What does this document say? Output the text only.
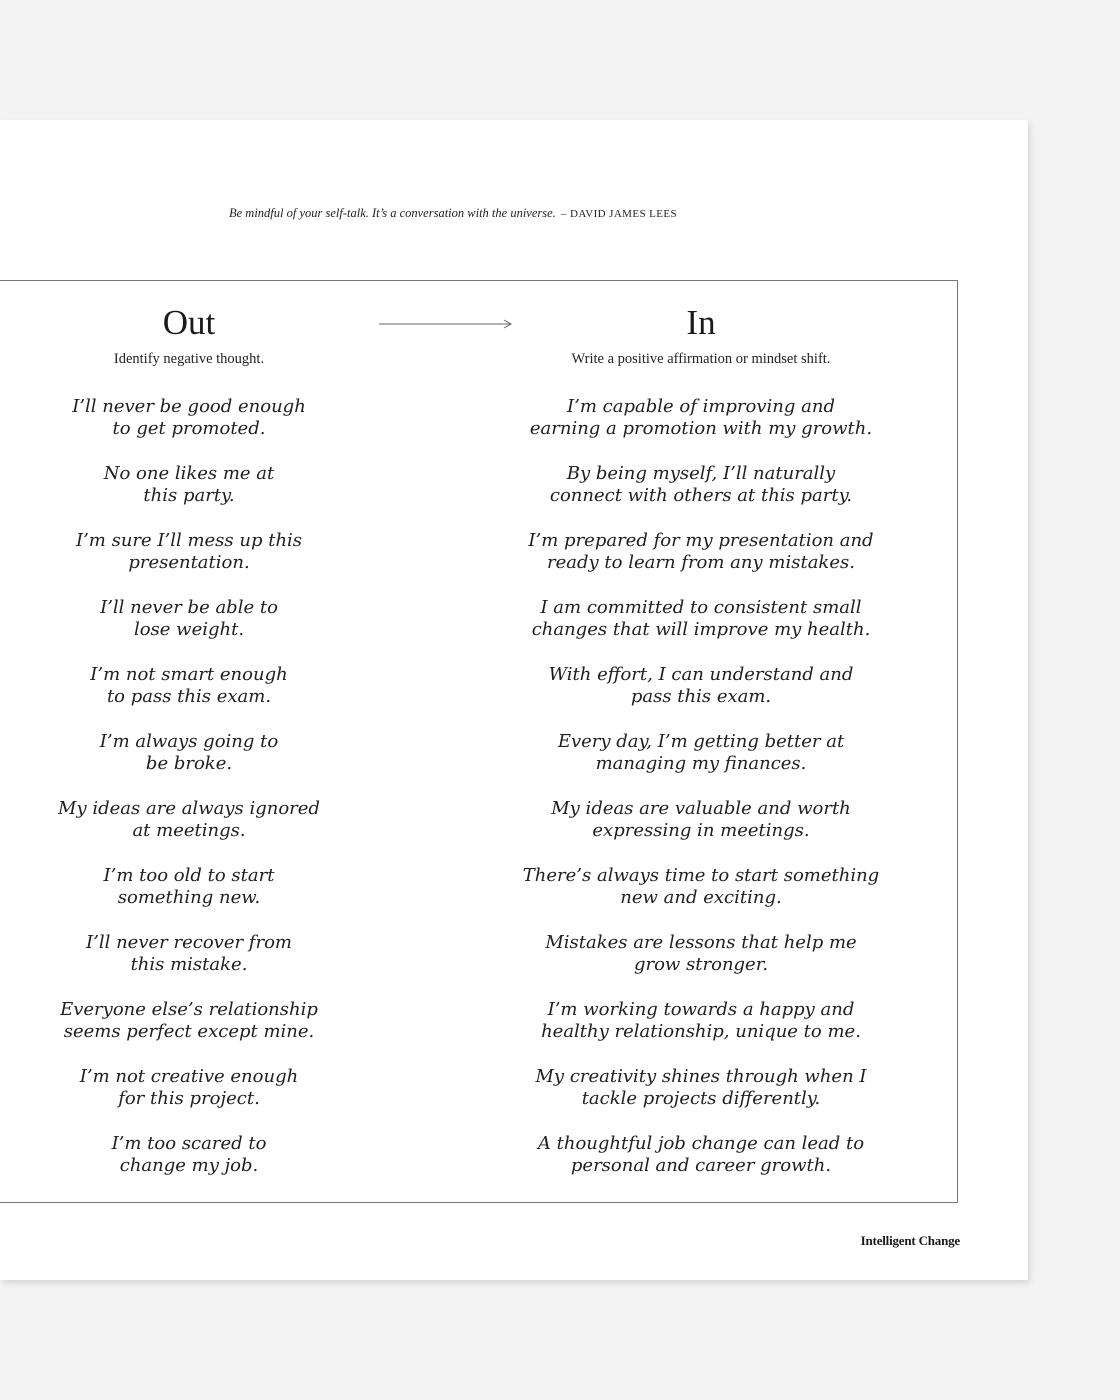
Be mindful of your self-talk. It’s a conversation with the universe. – DAVID JAMES LEES
Out
Identify negative thought.
In
Write a positive affirmation or mindset shift.
I’ll never be good enough
to get promoted.
No one likes me at
this party.
I’m sure I’ll mess up this
presentation.
I’ll never be able to
lose weight.
I’m not smart enough
to pass this exam.
I’m always going to
be broke.
My ideas are always ignored
at meetings.
I’m too old to start
something new.
I’ll never recover from
this mistake.
Everyone else’s relationship
seems perfect except mine.
I’m not creative enough
for this project.
I’m too scared to
change my job.
I’m capable of improving and
earning a promotion with my growth.
By being myself, I’ll naturally
connect with others at this party.
I’m prepared for my presentation and
ready to learn from any mistakes.
I am committed to consistent small
changes that will improve my health.
With effort, I can understand and
pass this exam.
Every day, I’m getting better at
managing my finances.
My ideas are valuable and worth
expressing in meetings.
There’s always time to start something
new and exciting.
Mistakes are lessons that help me
grow stronger.
I’m working towards a happy and
healthy relationship, unique to me.
My creativity shines through when I
tackle projects differently.
A thoughtful job change can lead to
personal and career growth.
Intelligent Change
